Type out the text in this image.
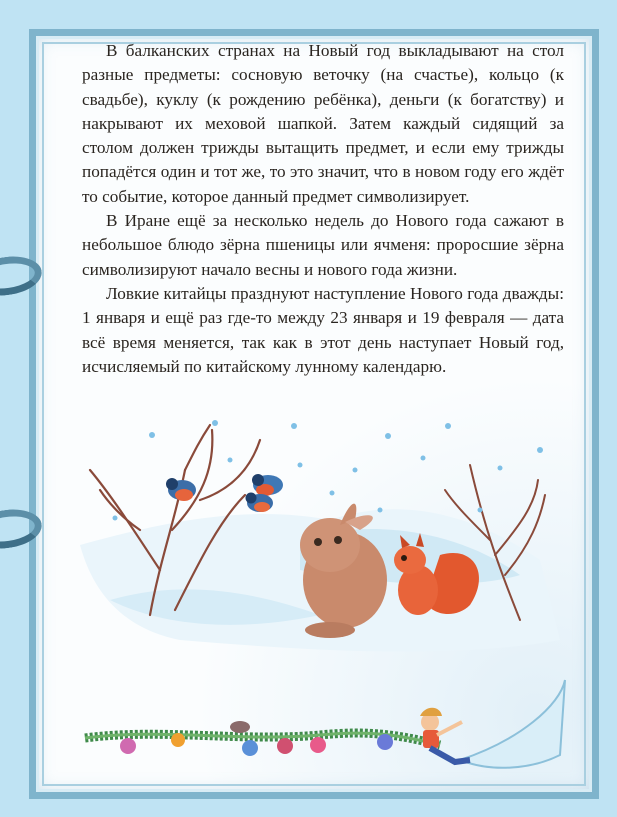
В балканских странах на Новый год выкладывают на стол разные предметы: сосновую веточку (на счастье), кольцо (к свадьбе), куклу (к рождению ребёнка), деньги (к богатству) и накрывают их меховой шапкой. Затем каждый сидящий за столом должен трижды вытащить предмет, и если ему трижды попадётся один и тот же, то это значит, что в новом году его ждёт то событие, которое данный предмет символизирует.

В Иране ещё за несколько недель до Нового года сажают в небольшое блюдо зёрна пшеницы или ячменя: проросшие зёрна символизируют начало весны и нового года жизни.

Ловкие китайцы празднуют наступление Нового года дважды: 1 января и ещё раз где-то между 23 января и 19 февраля — дата всё время меняется, так как в этот день наступает Новый год, исчисляемый по китайскому лунному календарю.
